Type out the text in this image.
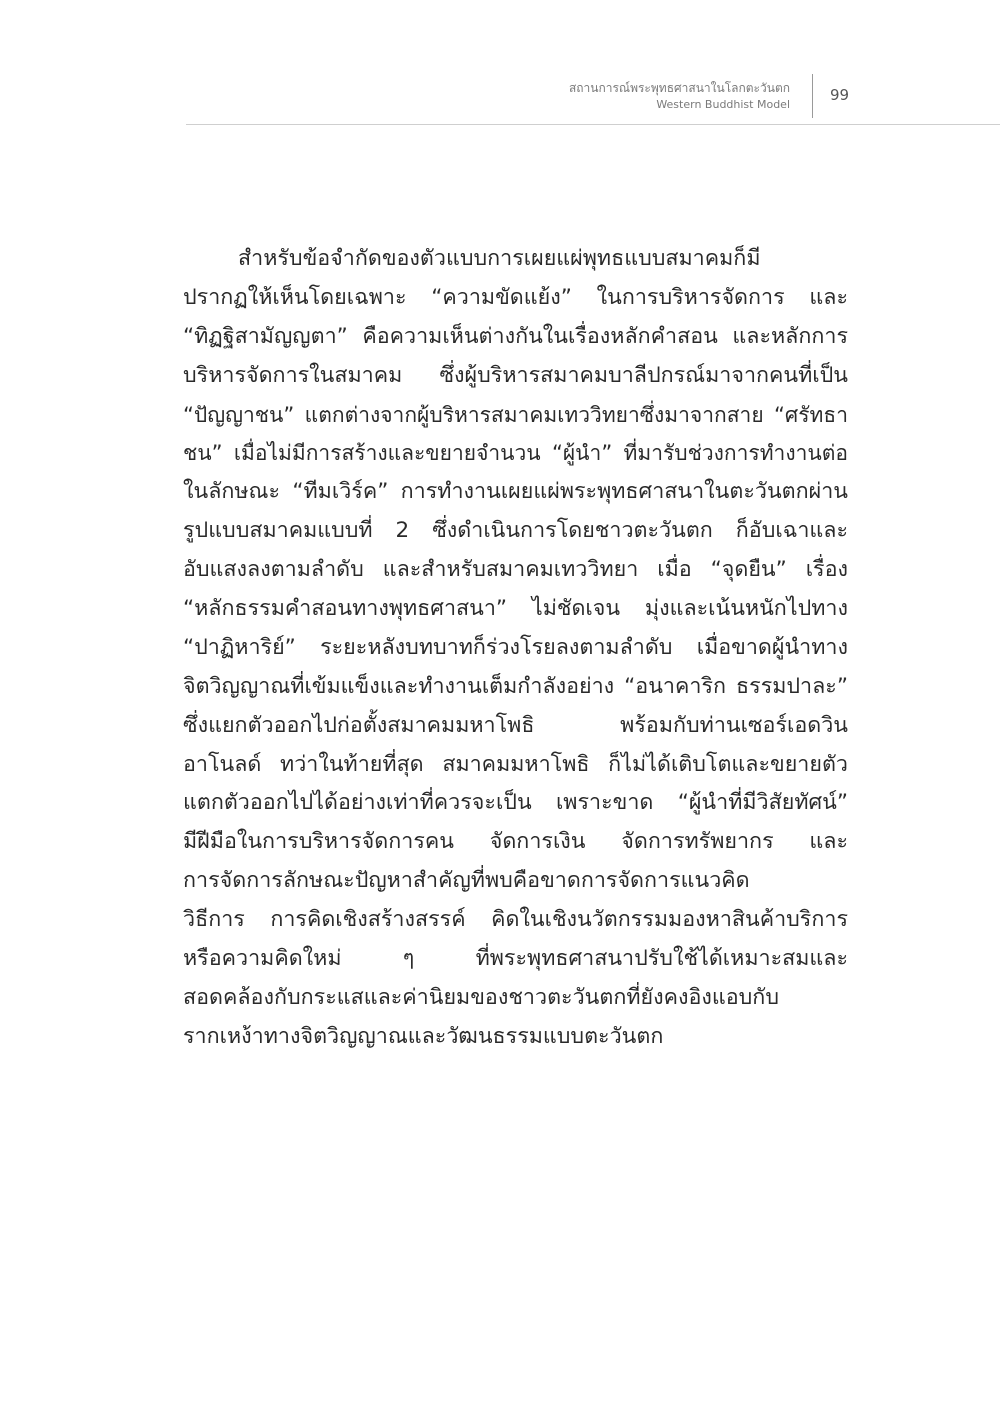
สถานการณ์พระพุทธศาสนาในโลกตะวันตก
Western Buddhist Model
99
สำหรับข้อจำกัดของตัวแบบการเผยแผ่พุทธแบบสมาคมก็มี
ปรากฏให้เห็นโดยเฉพาะ “ความขัดแย้ง” ในการบริหารจัดการ และ
“ทิฏฐิสามัญญตา” คือความเห็นต่างกันในเรื่องหลักคำสอน และหลักการ
บริหารจัดการในสมาคม ซึ่งผู้บริหารสมาคมบาลีปกรณ์มาจากคนที่เป็น
“ปัญญาชน” แตกต่างจากผู้บริหารสมาคมเทววิทยาซึ่งมาจากสาย “ศรัทธา
ชน” เมื่อไม่มีการสร้างและขยายจำนวน “ผู้นำ” ที่มารับช่วงการทำงานต่อ
ในลักษณะ “ทีมเวิร์ค” การทำงานเผยแผ่พระพุทธศาสนาในตะวันตกผ่าน
รูปแบบสมาคมแบบที่ 2 ซึ่งดำเนินการโดยชาวตะวันตก ก็อับเฉาและ
อับแสงลงตามลำดับ และสำหรับสมาคมเทววิทยา เมื่อ “จุดยืน” เรื่อง
“หลักธรรมคำสอนทางพุทธศาสนา” ไม่ชัดเจน มุ่งและเน้นหนักไปทาง
“ปาฏิหาริย์” ระยะหลังบทบาทก็ร่วงโรยลงตามลำดับ เมื่อขาดผู้นำทาง
จิตวิญญาณที่เข้มแข็งและทำงานเต็มกำลังอย่าง “อนาคาริก ธรรมปาละ”
ซึ่งแยกตัวออกไปก่อตั้งสมาคมมหาโพธิ พร้อมกับท่านเซอร์เอดวิน
อาโนลด์ ทว่าในท้ายที่สุด สมาคมมหาโพธิ ก็ไม่ได้เติบโตและขยายตัว
แตกตัวออกไปได้อย่างเท่าที่ควรจะเป็น เพราะขาด “ผู้นำที่มีวิสัยทัศน์”
มีฝีมือในการบริหารจัดการคน จัดการเงิน จัดการทรัพยากร และ
การจัดการลักษณะปัญหาสำคัญที่พบคือขาดการจัดการแนวคิด
วิธีการ การคิดเชิงสร้างสรรค์ คิดในเชิงนวัตกรรมมองหาสินค้าบริการ
หรือความคิดใหม่ ๆ ที่พระพุทธศาสนาปรับใช้ได้เหมาะสมและ
สอดคล้องกับกระแสและค่านิยมของชาวตะวันตกที่ยังคงอิงแอบกับ
รากเหง้าทางจิตวิญญาณและวัฒนธรรมแบบตะวันตก
